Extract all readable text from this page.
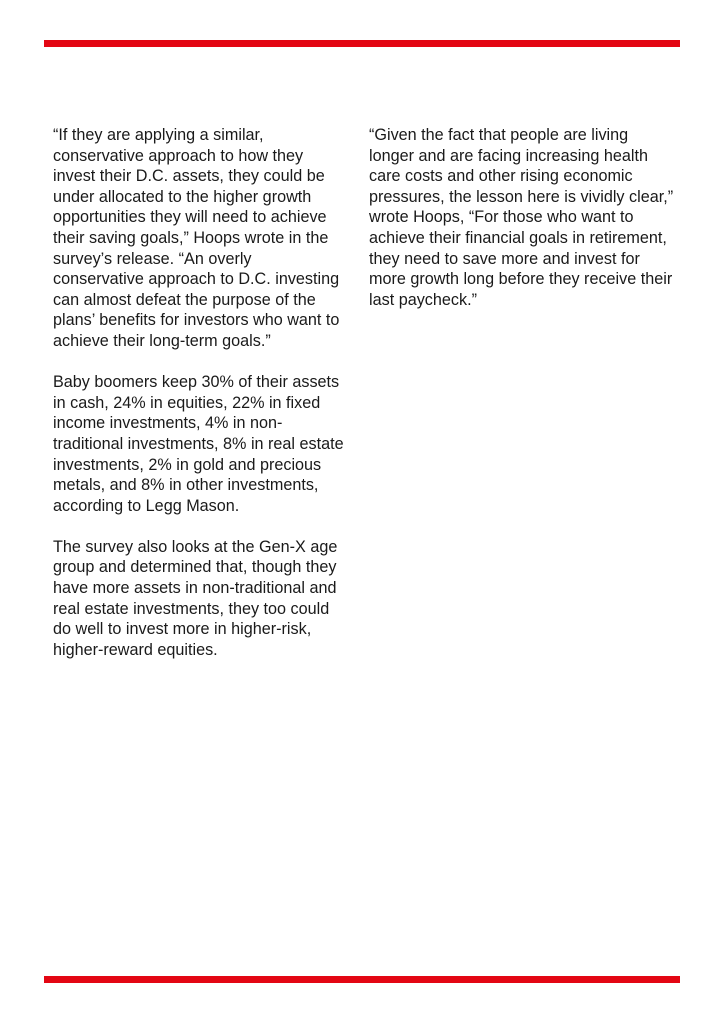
“If they are applying a similar, conservative approach to how they invest their D.C. assets, they could be under allocated to the higher growth opportunities they will need to achieve their saving goals,” Hoops wrote in the survey’s release. “An overly conservative approach to D.C. investing can almost defeat the purpose of the plans’ benefits for investors who want to achieve their long-term goals.”

Baby boomers keep 30% of their assets in cash, 24% in equities, 22% in fixed income investments, 4% in non-traditional investments, 8% in real estate investments, 2% in gold and precious metals, and 8% in other investments, according to Legg Mason.

The survey also looks at the Gen-X age group and determined that, though they have more assets in non-traditional and real estate investments, they too could do well to invest more in higher-risk, higher-reward equities.

“Given the fact that people are living longer and are facing increasing health care costs and other rising economic pressures, the lesson here is vividly clear,” wrote Hoops, “For those who want to achieve their financial goals in retirement, they need to save more and invest for more growth long before they receive their last paycheck.”
